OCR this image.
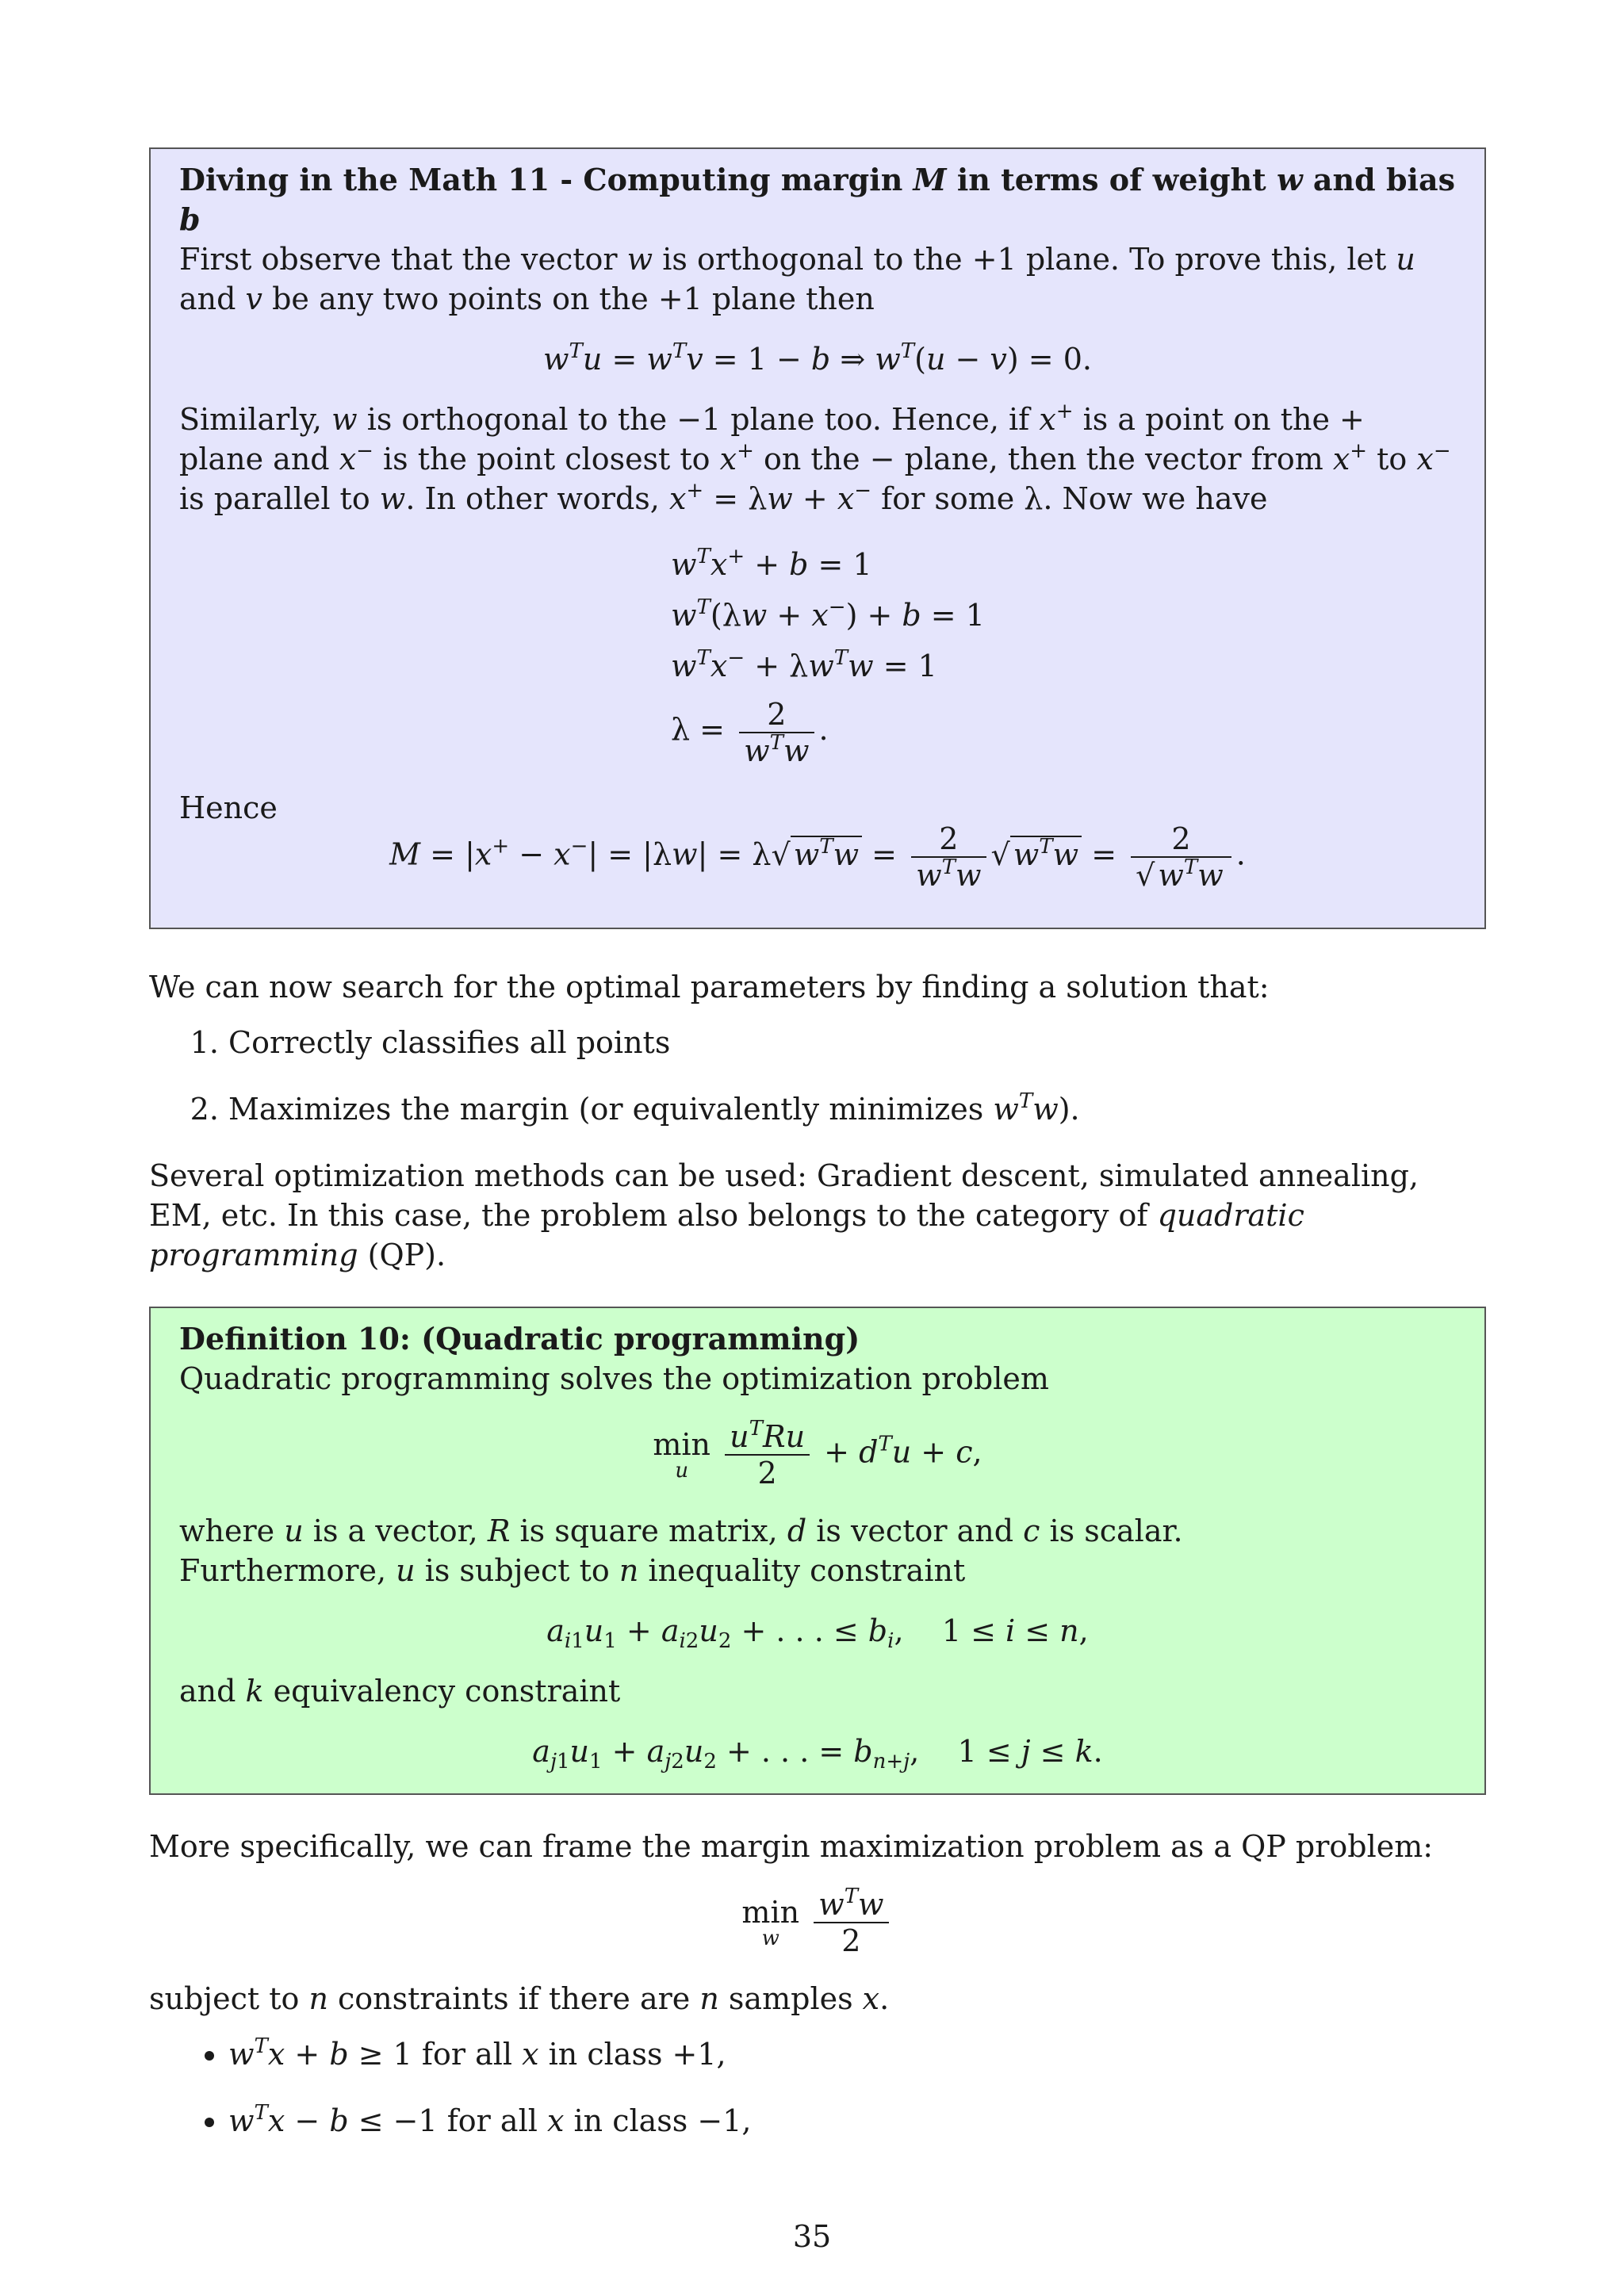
Diving in the Math 11 - Computing margin M in terms of weight w and bias b

First observe that the vector w is orthogonal to the +1 plane. To prove this, let u and v be any two points on the +1 plane then

$w^Tu = w^Tv = 1 - b$ ⇒ $w^T(u - v) = 0$.

Similarly, w is orthogonal to the −1 plane too. Hence, if x+ is a point on the + plane and x− is the point closest to x+ on the − plane, then the vector from x+ to x− is parallel to w. In other words, x+ = λw + x− for some λ. Now we have

$w^Tx^+ + b = 1$
$w^T(\lambda w + x^-) + b = 1$
$w^Tx^- + \lambda w^Tw = 1$
$\lambda = \frac{2}{w^Tw}$ .

Hence

M = |x+ − x−| = |λw| = λ√ $w^Tw = \frac{2}{w^Tw}$ √ $w^Tw = \frac{2}{√ w^Tw}$ .

We can now search for the optimal parameters by finding a solution that:

1. Correctly classifies all points
2. Maximizes the margin (or equivalently minimizes $w^Tw$).

Several optimization methods can be used: Gradient descent, simulated annealing, EM, etc. In this case, the problem also belongs to the category of quadratic programming (QP).

Definition 10: (Quadratic programming)

Quadratic programming solves the optimization problem

min
u
	$\frac{u^TRu}{2} + d^Tu + c$,

where u is a vector, R is square matrix, d is vector and c is scalar.

Furthermore, u is subject to n inequality constraint

$a_{i1}u_1 + a_{i2}u_2$ + . . . ≤ $b_i$,    1 ≤ i ≤ n,

and k equivalency constraint

$a_{j1}u_1 + a_{j2}u_2$ + . . . = $b_{n+j}$,    1 ≤ j ≤ k.

More specifically, we can frame the margin maximization problem as a QP problem:

min
w
	$\frac{w^Tw}{2}$

subject to n constraints if there are n samples x.

• $w^Tx + b \ge 1$ for all x in class +1,
• $w^Tx - b \le -1$ for all x in class −1,
35
